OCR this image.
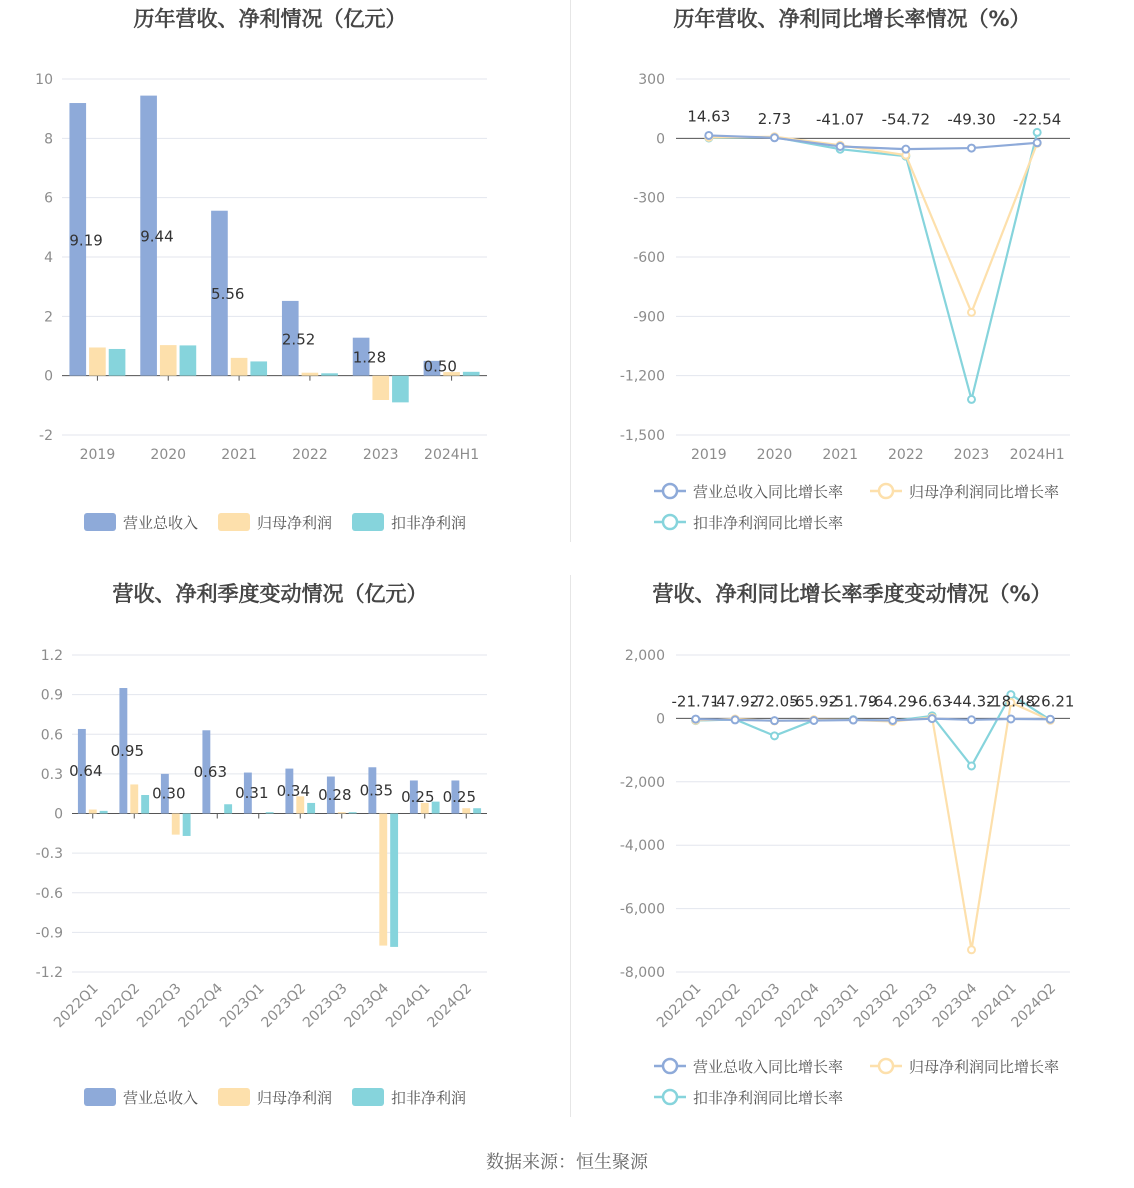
历年营收、净利情况（亿元）
10
8
6
4
2
0
-2
2019	2020	2021	2022	2023 2024H1
9.19 9.44
5.56
2.52
1.28 0.50
营业总收入	归母净利润	扣非净利润
历年营收、净利同比增长率情况（%）
300
0
-300
-600
-900
-1,200
-1,500
2019 2020 2021 2022 2023 2024H1
14.63 2.73 -41.07 -54.72 -49.30 -22.54
营业总收入同比增长率	归母净利润同比增长率
扣非净利润同比增长率
营收、净利季度变动情况（亿元）
1.2
0.9
0.6
0.3
0
-0.3
-0.6
-0.9
-1.2
2022Q1
2022Q2
2022Q3
2022Q4
2023Q1
2023Q2
2023Q3
2023Q4
2024Q1
2024Q2
0.64
0.95
0.30
0.63
0.31 0.34 0.28 0.35 0.25 0.25
营业总收入	归母净利润	扣非净利润
营收、净利同比增长率季度变动情况（%）
2,000
0
-2,000
-4,000
-6,000
-8,000
2022Q1
2022Q2
2022Q3
2022Q4
2023Q1
2023Q2
2023Q3
2023Q4
2024Q1
2024Q2
-21.71
-47.92
-72.05
-65.92
-51.79
-64.29
-6.63
-44.32
-18.48
-26.21
营业总收入同比增长率	归母净利润同比增长率
扣非净利润同比增长率
数据来源：恒生聚源
